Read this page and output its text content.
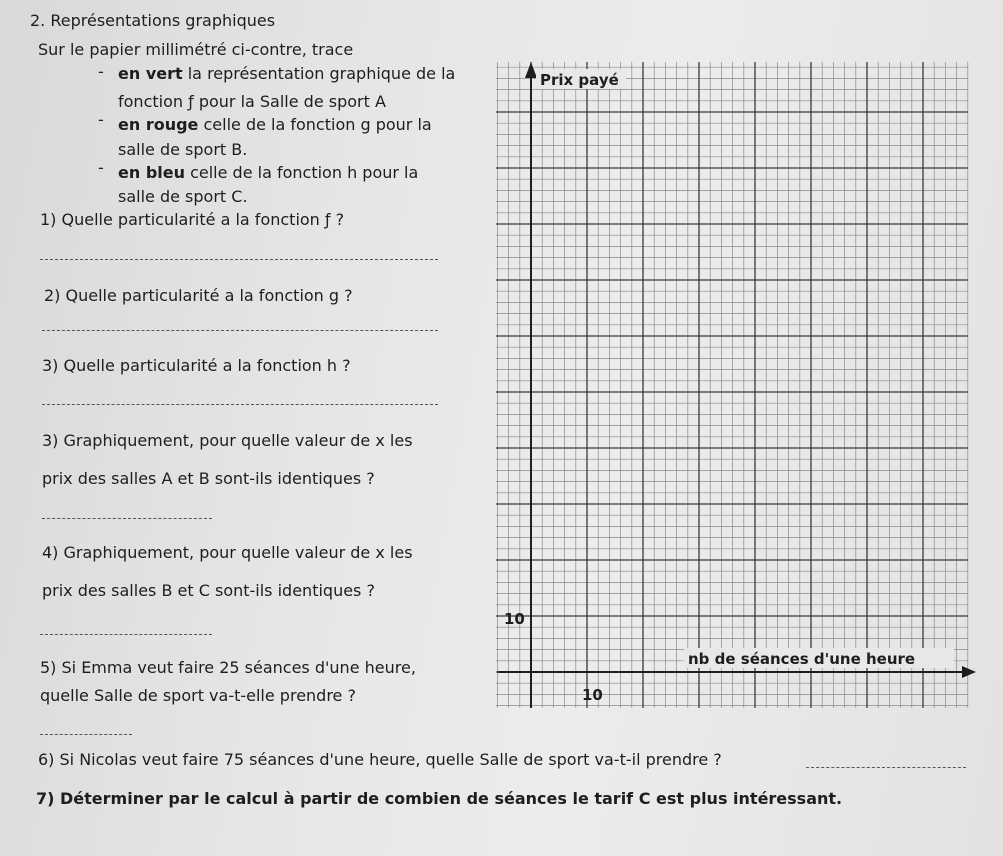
2. Représentations graphiques
Sur le papier millimétré ci-contre, trace
- en vert la représentation graphique de la
fonction ƒ pour la Salle de sport A
- en rouge celle de la fonction g pour la
salle de sport B.
- en bleu celle de la fonction h pour la
salle de sport C.
1) Quelle particularité a la fonction ƒ ?
2) Quelle particularité a la fonction g ?
3) Quelle particularité a la fonction h ?
3) Graphiquement, pour quelle valeur de x les
prix des salles A et B sont-ils identiques ?
4) Graphiquement, pour quelle valeur de x les
prix des salles B et C sont-ils identiques ?
5) Si Emma veut faire 25 séances d'une heure,
quelle Salle de sport va-t-elle prendre ?
6) Si Nicolas veut faire 75 séances d'une heure, quelle Salle de sport va-t-il prendre ?
7) Déterminer par le calcul à partir de combien de séances le tarif C est plus intéressant.
Prix payé
nb de séances d'une heure
10
10
